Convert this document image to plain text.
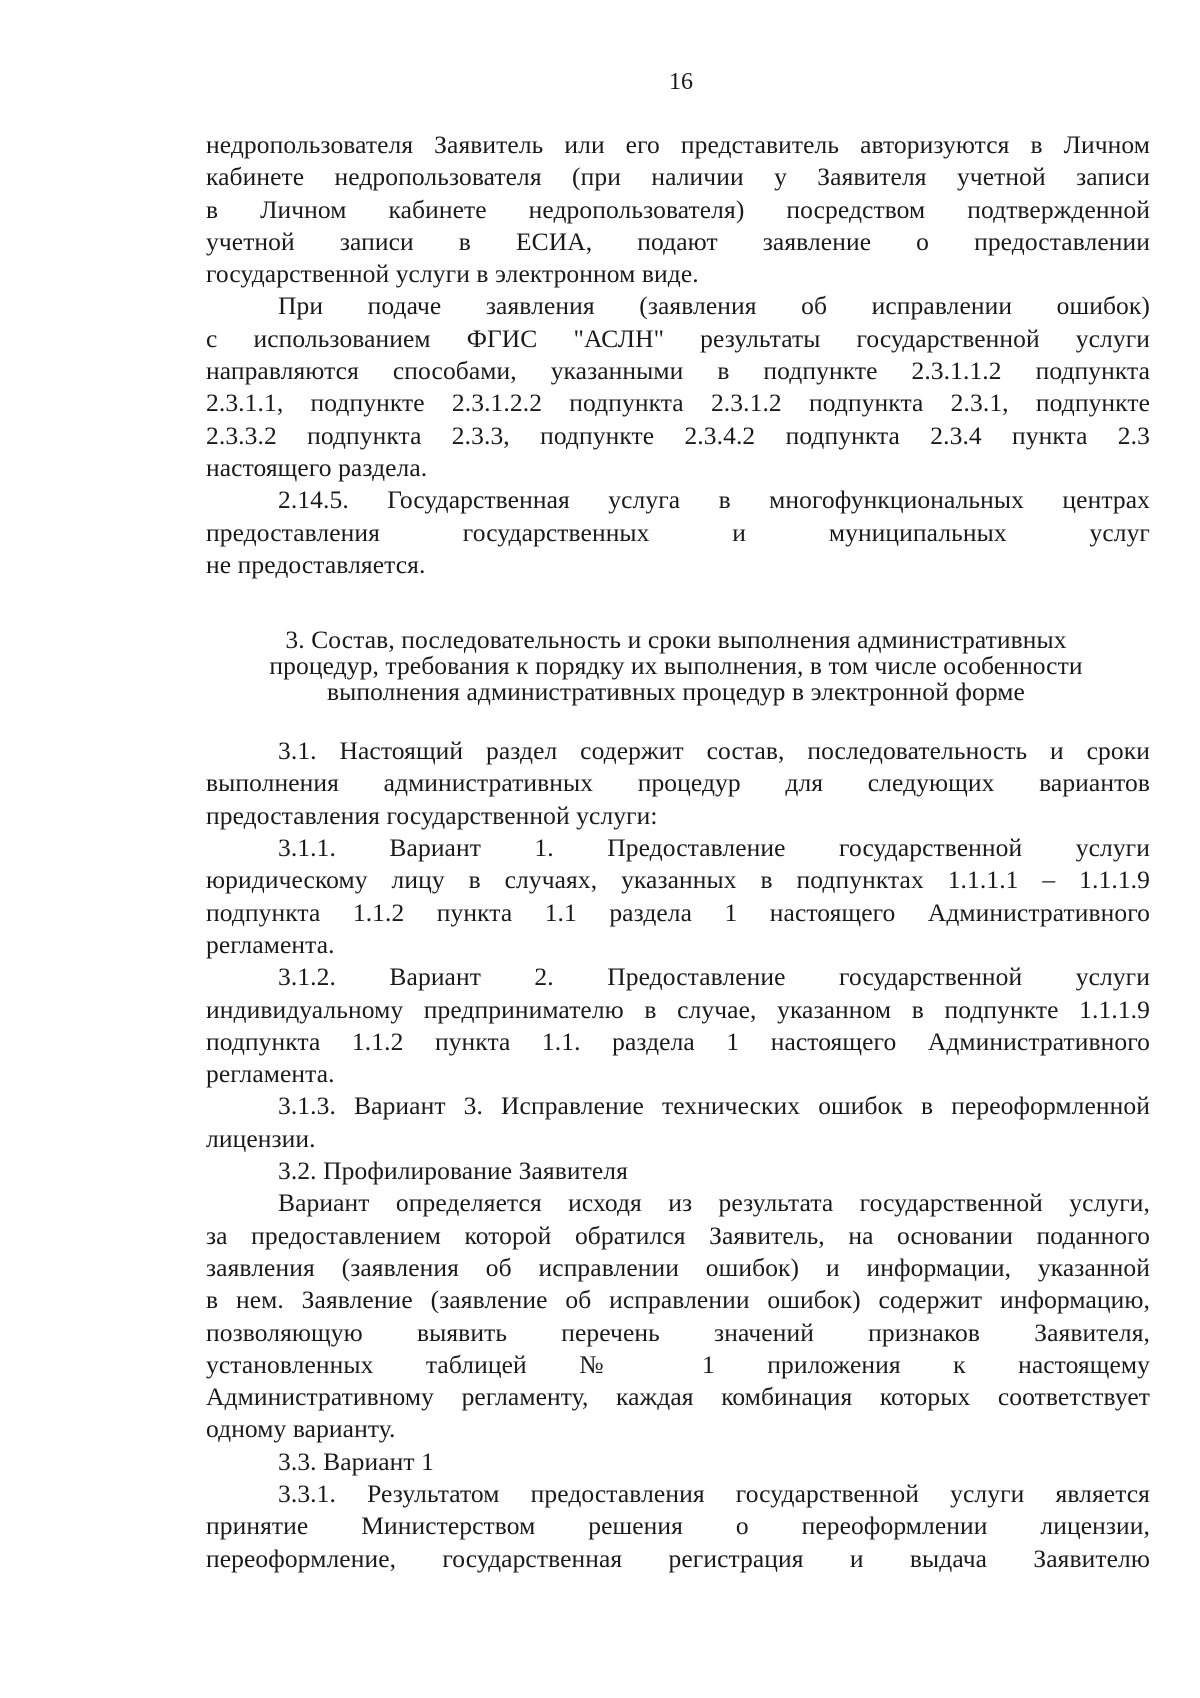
16
недропользователя Заявитель или его представитель авторизуются в Личном
кабинете недропользователя (при наличии у Заявителя учетной записи
в Личном кабинете недропользователя) посредством подтвержденной
учетной записи в ЕСИА, подают заявление о предоставлении
государственной услуги в электронном виде.
При подаче заявления (заявления об исправлении ошибок)
с использованием ФГИС "АСЛН" результаты государственной услуги
направляются способами, указанными в подпункте 2.3.1.1.2 подпункта
2.3.1.1, подпункте 2.3.1.2.2 подпункта 2.3.1.2 подпункта 2.3.1, подпункте
2.3.3.2 подпункта 2.3.3, подпункте 2.3.4.2 подпункта 2.3.4 пункта 2.3
настоящего раздела.
2.14.5. Государственная услуга в многофункциональных центрах
предоставления государственных и муниципальных услуг
не предоставляется.
3. Состав, последовательность и сроки выполнения административных
процедур, требования к порядку их выполнения, в том числе особенности
выполнения административных процедур в электронной форме
3.1. Настоящий раздел содержит состав, последовательность и сроки
выполнения административных процедур для следующих вариантов
предоставления государственной услуги:
3.1.1. Вариант 1. Предоставление государственной услуги
юридическому лицу в случаях, указанных в подпунктах 1.1.1.1 – 1.1.1.9
подпункта 1.1.2 пункта 1.1 раздела 1 настоящего Административного
регламента.
3.1.2. Вариант 2. Предоставление государственной услуги
индивидуальному предпринимателю в случае, указанном в подпункте 1.1.1.9
подпункта 1.1.2 пункта 1.1. раздела 1 настоящего Административного
регламента.
3.1.3. Вариант 3. Исправление технических ошибок в переоформленной
лицензии.
3.2. Профилирование Заявителя
Вариант определяется исходя из результата государственной услуги,
за предоставлением которой обратился Заявитель, на основании поданного
заявления (заявления об исправлении ошибок) и информации, указанной
в нем. Заявление (заявление об исправлении ошибок) содержит информацию,
позволяющую выявить перечень значений признаков Заявителя,
установленных таблицей № 1 приложения к настоящему
Административному регламенту, каждая комбинация которых соответствует
одному варианту.
3.3. Вариант 1
3.3.1. Результатом предоставления государственной услуги является
принятие Министерством решения о переоформлении лицензии,
переоформление, государственная регистрация и выдача Заявителю
